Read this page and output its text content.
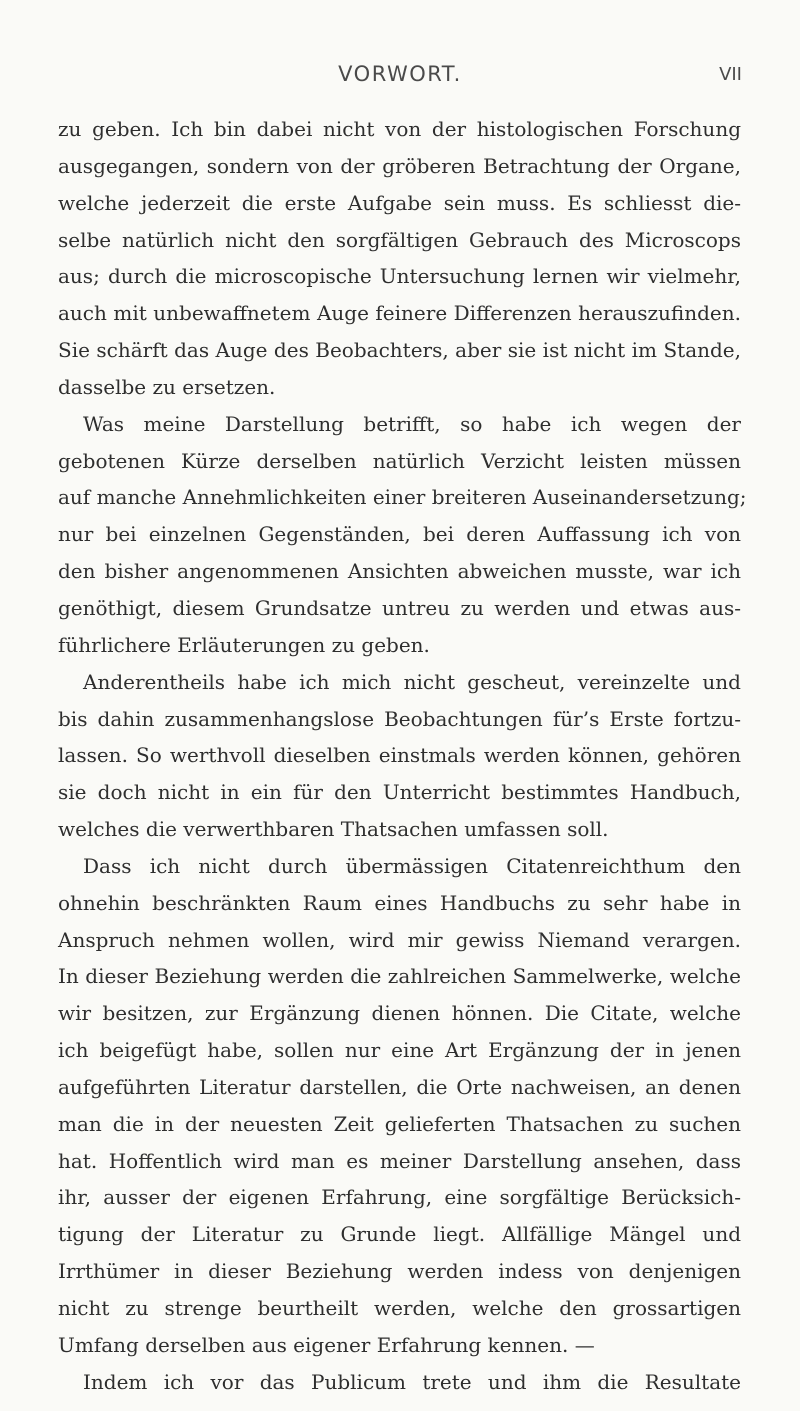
VORWORT.	VII
zu geben. Ich bin dabei nicht von der histologischen Forschung
ausgegangen, sondern von der gröberen Betrachtung der Organe,
welche jederzeit die erste Aufgabe sein muss. Es schliesst die-
selbe natürlich nicht den sorgfältigen Gebrauch des Microscops
aus; durch die microscopische Untersuchung lernen wir vielmehr,
auch mit unbewaffnetem Auge feinere Differenzen herauszufinden.
Sie schärft das Auge des Beobachters, aber sie ist nicht im Stande,
dasselbe zu ersetzen.
Was meine Darstellung betrifft, so habe ich wegen der
gebotenen Kürze derselben natürlich Verzicht leisten müssen
auf manche Annehmlichkeiten einer breiteren Auseinandersetzung;
nur bei einzelnen Gegenständen, bei deren Auffassung ich von
den bisher angenommenen Ansichten abweichen musste, war ich
genöthigt, diesem Grundsatze untreu zu werden und etwas aus-
führlichere Erläuterungen zu geben.
Anderentheils habe ich mich nicht gescheut, vereinzelte und
bis dahin zusammenhangslose Beobachtungen für’s Erste fortzu-
lassen. So werthvoll dieselben einstmals werden können, gehören
sie doch nicht in ein für den Unterricht bestimmtes Handbuch,
welches die verwerthbaren Thatsachen umfassen soll.
Dass ich nicht durch übermässigen Citatenreichthum den
ohnehin beschränkten Raum eines Handbuchs zu sehr habe in
Anspruch nehmen wollen, wird mir gewiss Niemand verargen.
In dieser Beziehung werden die zahlreichen Sammelwerke, welche
wir besitzen, zur Ergänzung dienen hönnen. Die Citate, welche
ich beigefügt habe, sollen nur eine Art Ergänzung der in jenen
aufgeführten Literatur darstellen, die Orte nachweisen, an denen
man die in der neuesten Zeit gelieferten Thatsachen zu suchen
hat. Hoffentlich wird man es meiner Darstellung ansehen, dass
ihr, ausser der eigenen Erfahrung, eine sorgfältige Berücksich-
tigung der Literatur zu Grunde liegt. Allfällige Mängel und
Irrthümer in dieser Beziehung werden indess von denjenigen
nicht zu strenge beurtheilt werden, welche den grossartigen
Umfang derselben aus eigener Erfahrung kennen. —
Indem ich vor das Publicum trete und ihm die Resultate
